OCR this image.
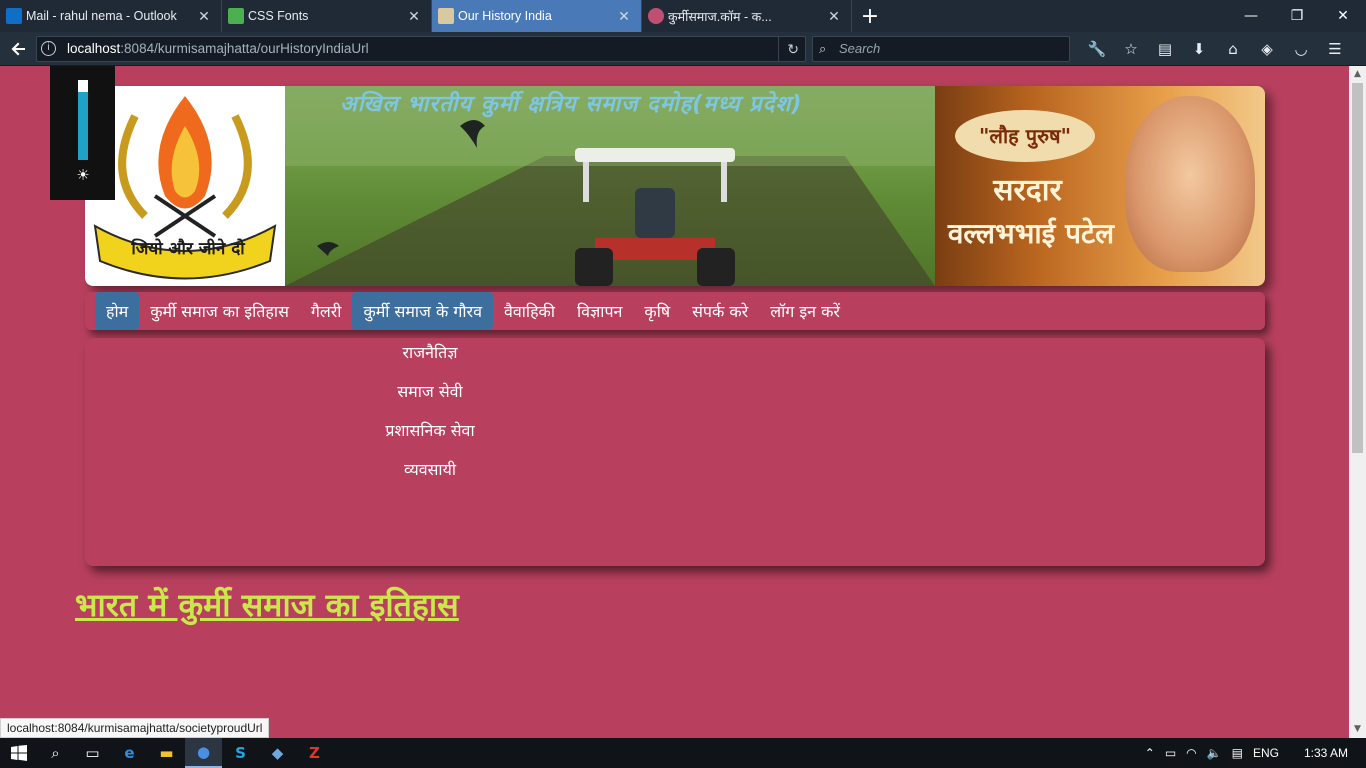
Mail - rahul nema - Outlook	✕	CSS Fonts	✕	Our History India	✕	कुर्मीसमाज.कॉम - क...	✕ +	—	❐	✕
i	localhost:8084/kurmisamajhatta/ourHistoryIndiaUrl	↻ ⌕ Search	🔧	☆	▤	⬇	⌂	◈	◡	☰
जियो और जीने दो
अखिल भारतीय कुर्मी क्षत्रिय समाज दमोह(मध्य प्रदेश)
"लौह पुरुष"
सरदार
वल्लभभाई पटेल
☀
होम	कुर्मी समाज का इतिहास	गैलरी	कुर्मी समाज के गौरव	वैवाहिकी	विज्ञापन	कृषि	संपर्क करे	लॉग इन करें
राजनैतिज्ञ
समाज सेवी
प्रशासनिक सेवा
व्यवसायी
भारत में कुर्मी समाज का इतिहास
▲
▼
localhost:8084/kurmisamajhatta/societyproudUrl
⌕	▭	e	▬	●	S	◆	Z	⌃ ▭ ◠ 🔈 ▤ ENG	1:33 AM
